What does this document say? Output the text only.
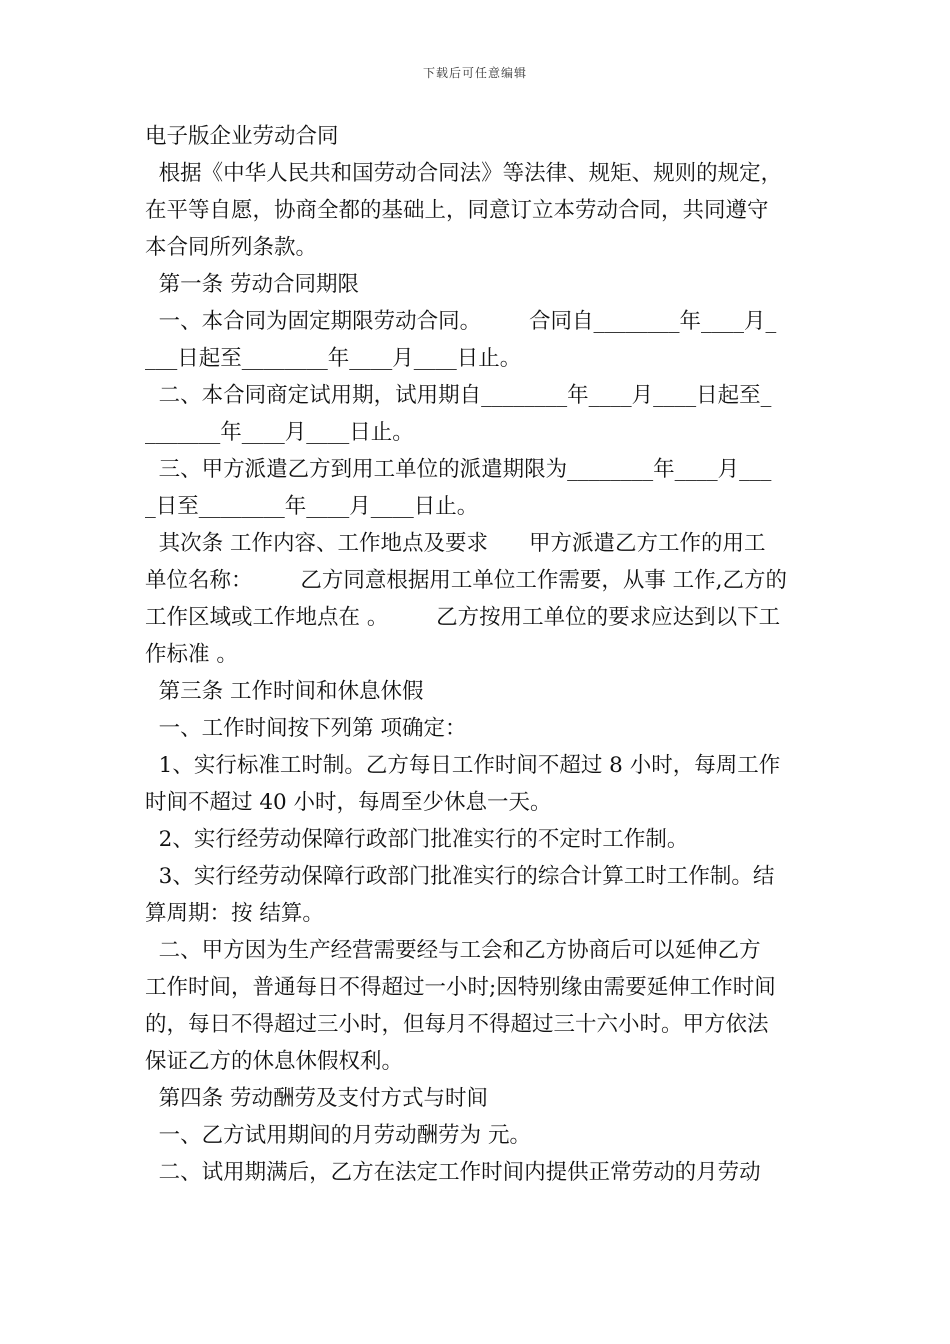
下载后可任意编辑
电子版企业劳动合同
根据《中华人民共和国劳动合同法》等法律、规矩、规则的规定，
在平等自愿，协商全都的基础上，同意订立本劳动合同，共同遵守
本合同所列条款。
第一条 劳动合同期限
一、本合同为固定期限劳动合同。       合同自________年____月_
___日起至________年____月____日止。
二、本合同商定试用期，试用期自________年____月____日起至_
_______年____月____日止。
三、甲方派遣乙方到用工单位的派遣期限为________年____月___
_日至________年____月____日止。
其次条 工作内容、工作地点及要求      甲方派遣乙方工作的用工
单位名称：       乙方同意根据用工单位工作需要，从事 工作,乙方的
工作区域或工作地点在 。       乙方按用工单位的要求应达到以下工
作标准 。
第三条 工作时间和休息休假
一、工作时间按下列第 项确定：
1、实行标准工时制。乙方每日工作时间不超过 8 小时，每周工作
时间不超过 40 小时，每周至少休息一天。
2、实行经劳动保障行政部门批准实行的不定时工作制。
3、实行经劳动保障行政部门批准实行的综合计算工时工作制。结
算周期：按 结算。
二、甲方因为生产经营需要经与工会和乙方协商后可以延伸乙方
工作时间，普通每日不得超过一小时;因特别缘由需要延伸工作时间
的，每日不得超过三小时，但每月不得超过三十六小时。甲方依法
保证乙方的休息休假权利。
第四条 劳动酬劳及支付方式与时间
一、乙方试用期间的月劳动酬劳为 元。
二、试用期满后，乙方在法定工作时间内提供正常劳动的月劳动
